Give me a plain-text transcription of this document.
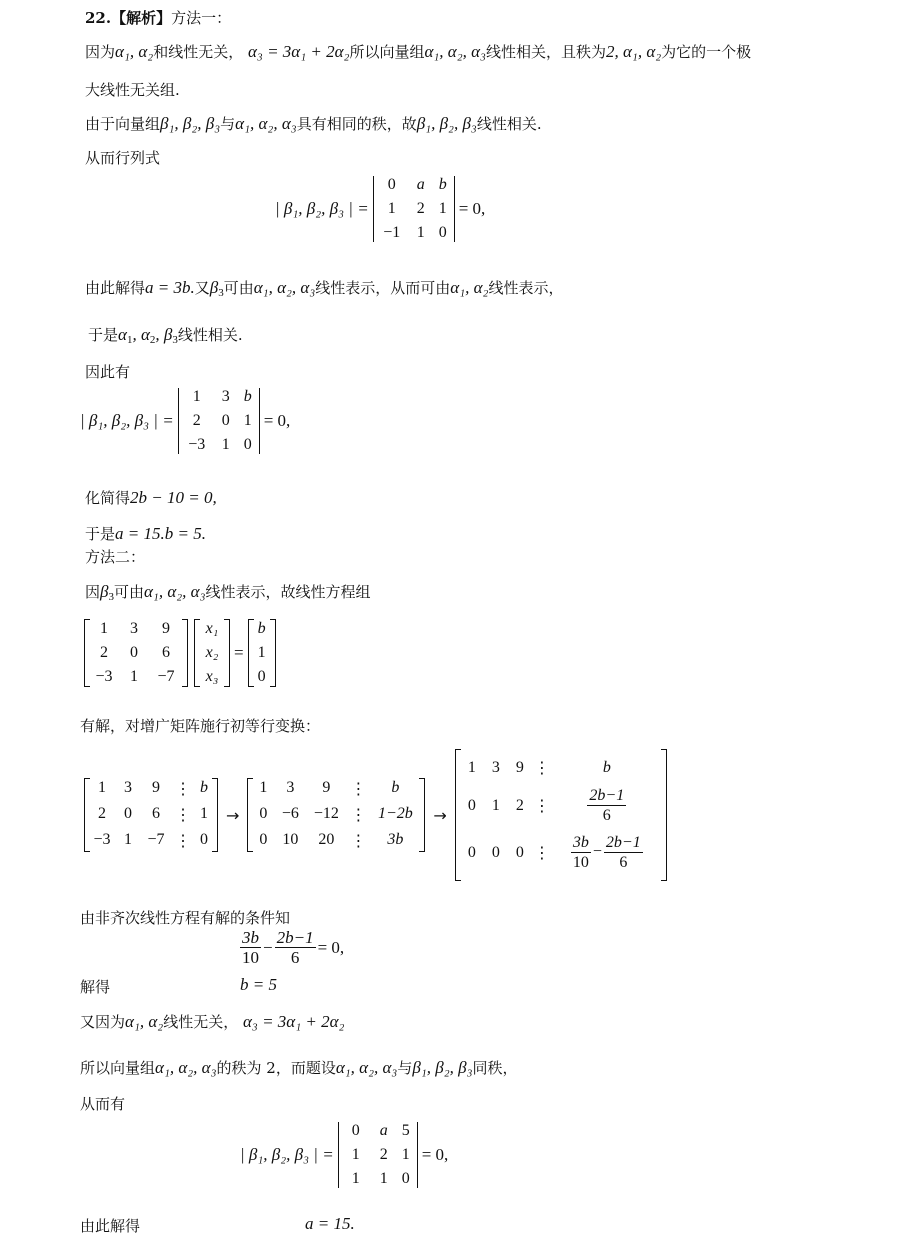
22.【解析】方法一：
因为α₁, α₂和线性无关， α₃ = 3α₁ + 2α₂所以向量组α₁, α₂, α₃线性相关，且秩为2, α₁, α₂为它的一个极
大线性无关组.
由于向量组β₁, β₂, β₃与α₁, α₂, α₃具有相同的秩，故β₁, β₂, β₃线性相关.
从而行列式
| β₁, β₂, β₃ | =
0	a b
1	2 1
−1	1 0
= 0,
由此解得a = 3b.又$\beta_3$可由α₁, α₂, α₃线性表示，从而可由α₁, α₂线性表示，
于是$\alpha_1$, $\alpha_2$, $\beta_3$线性相关.
因此有
| β₁, β₂, β₃ | =
1	3 b
2	0 1
−3	1 0
= 0,
化简得2b − 10 = 0,
于是a = 15.b = 5.
方法二：
因$\beta_3$可由α₁, α₂, α₃线性表示，故线性方程组
1	3	9
2	0	6
−3	1	−7
x₁
x₂
x₃
=
b
1
0
有解，对增广矩阵施行初等行变换：
1	3	9 ⋮ b
2	0	6 ⋮ 1
−3 1 −7 ⋮ 0
→
1	3	9	⋮	b
0 −6 −12 ⋮ 1−2b
0 10	20	⋮	3b
→
1	3	9 ⋮	b
0	1	2 ⋮ $\frac{2b-1}{6}$
0	0	0 ⋮ $\frac{3b}{10} - \frac{2b-1}{6}$
由非齐次线性方程有解的条件知
$\frac{3b}{10} - \frac{2b-1}{6} = 0$,
解得	b = 5
又因为α₁, α₂线性无关， α₃ = 3α₁ + 2α₂
所以向量组α₁, α₂, α₃的秩为 2，而题设α₁, α₂, α₃与β₁, β₂, β₃同秩，
从而有
| β₁, β₂, β₃ | =
0	a 5
1	2 1
1	1 0
= 0,
由此解得	a = 15.
